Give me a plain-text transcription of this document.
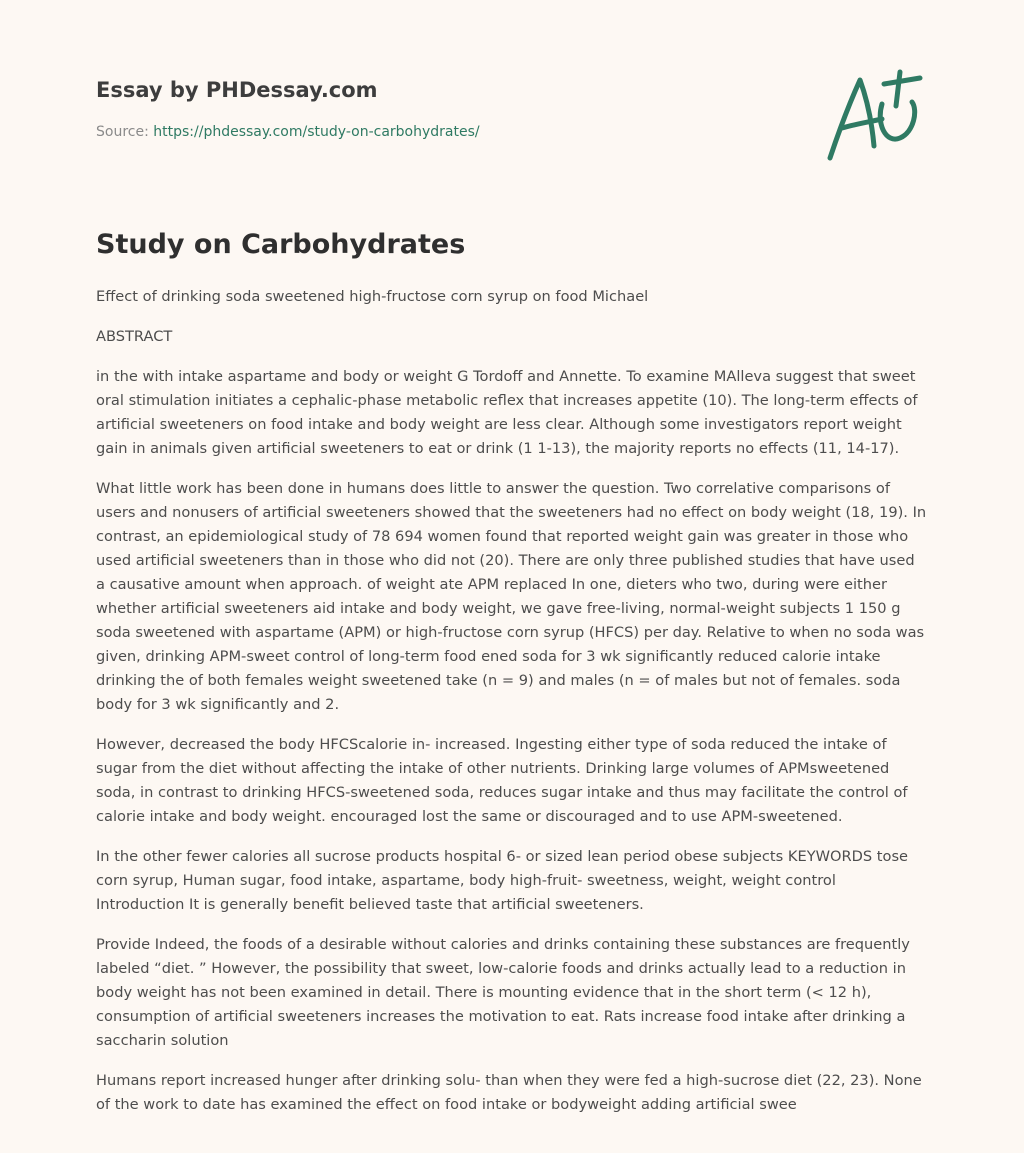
Essay by PHDessay.com
Source: https://phdessay.com/study-on-carbohydrates/
Study on Carbohydrates

Effect of drinking soda sweetened high-fructose corn syrup on food Michael

ABSTRACT

in the with intake aspartame and body or weight G Tordoff and Annette. To examine MAlleva suggest that sweet oral stimulation initiates a cephalic-phase metabolic reflex that increases appetite (10). The long-term effects of artificial sweeteners on food intake and body weight are less clear. Although some investigators report weight gain in animals given artificial sweeteners to eat or drink (1 1-13), the majority reports no effects (11, 14-17).

What little work has been done in humans does little to answer the question. Two correlative comparisons of users and nonusers of artificial sweeteners showed that the sweeteners had no effect on body weight (18, 19). In contrast, an epidemiological study of 78 694 women found that reported weight gain was greater in those who used artificial sweeteners than in those who did not (20). There are only three published studies that have used a causative amount when approach. of weight ate APM replaced In one, dieters who two, during were either whether artificial sweeteners aid intake and body weight, we gave free-living, normal-weight subjects 1 150 g soda sweetened with aspartame (APM) or high-fructose corn syrup (HFCS) per day. Relative to when no soda was given, drinking APM-sweet control of long-term food ened soda for 3 wk significantly reduced calorie intake drinking the of both females weight sweetened take (n = 9) and males (n = of males but not of females. soda body for 3 wk significantly and 2.

However, decreased the body HFCScalorie in- increased. Ingesting either type of soda reduced the intake of sugar from the diet without affecting the intake of other nutrients. Drinking large volumes of APMsweetened soda, in contrast to drinking HFCS-sweetened soda, reduces sugar intake and thus may facilitate the control of calorie intake and body weight. encouraged lost the same or discouraged and to use APM-sweetened.

In the other fewer calories all sucrose products hospital 6- or sized lean period obese subjects KEYWORDS tose corn syrup, Human sugar, food intake, aspartame, body high-fruit- sweetness, weight, weight control Introduction It is generally benefit believed taste that artificial sweeteners.

Provide Indeed, the foods of a desirable without calories and drinks containing these substances are frequently labeled “diet. ” However, the possibility that sweet, low-calorie foods and drinks actually lead to a reduction in body weight has not been examined in detail. There is mounting evidence that in the short term (< 12 h), consumption of artificial sweeteners increases the motivation to eat. Rats increase food intake after drinking a saccharin solution

Humans report increased hunger after drinking solu- than when they were fed a high-sucrose diet (22, 23). None of the work to date has examined the effect on food intake or bodyweight adding artificial swee
